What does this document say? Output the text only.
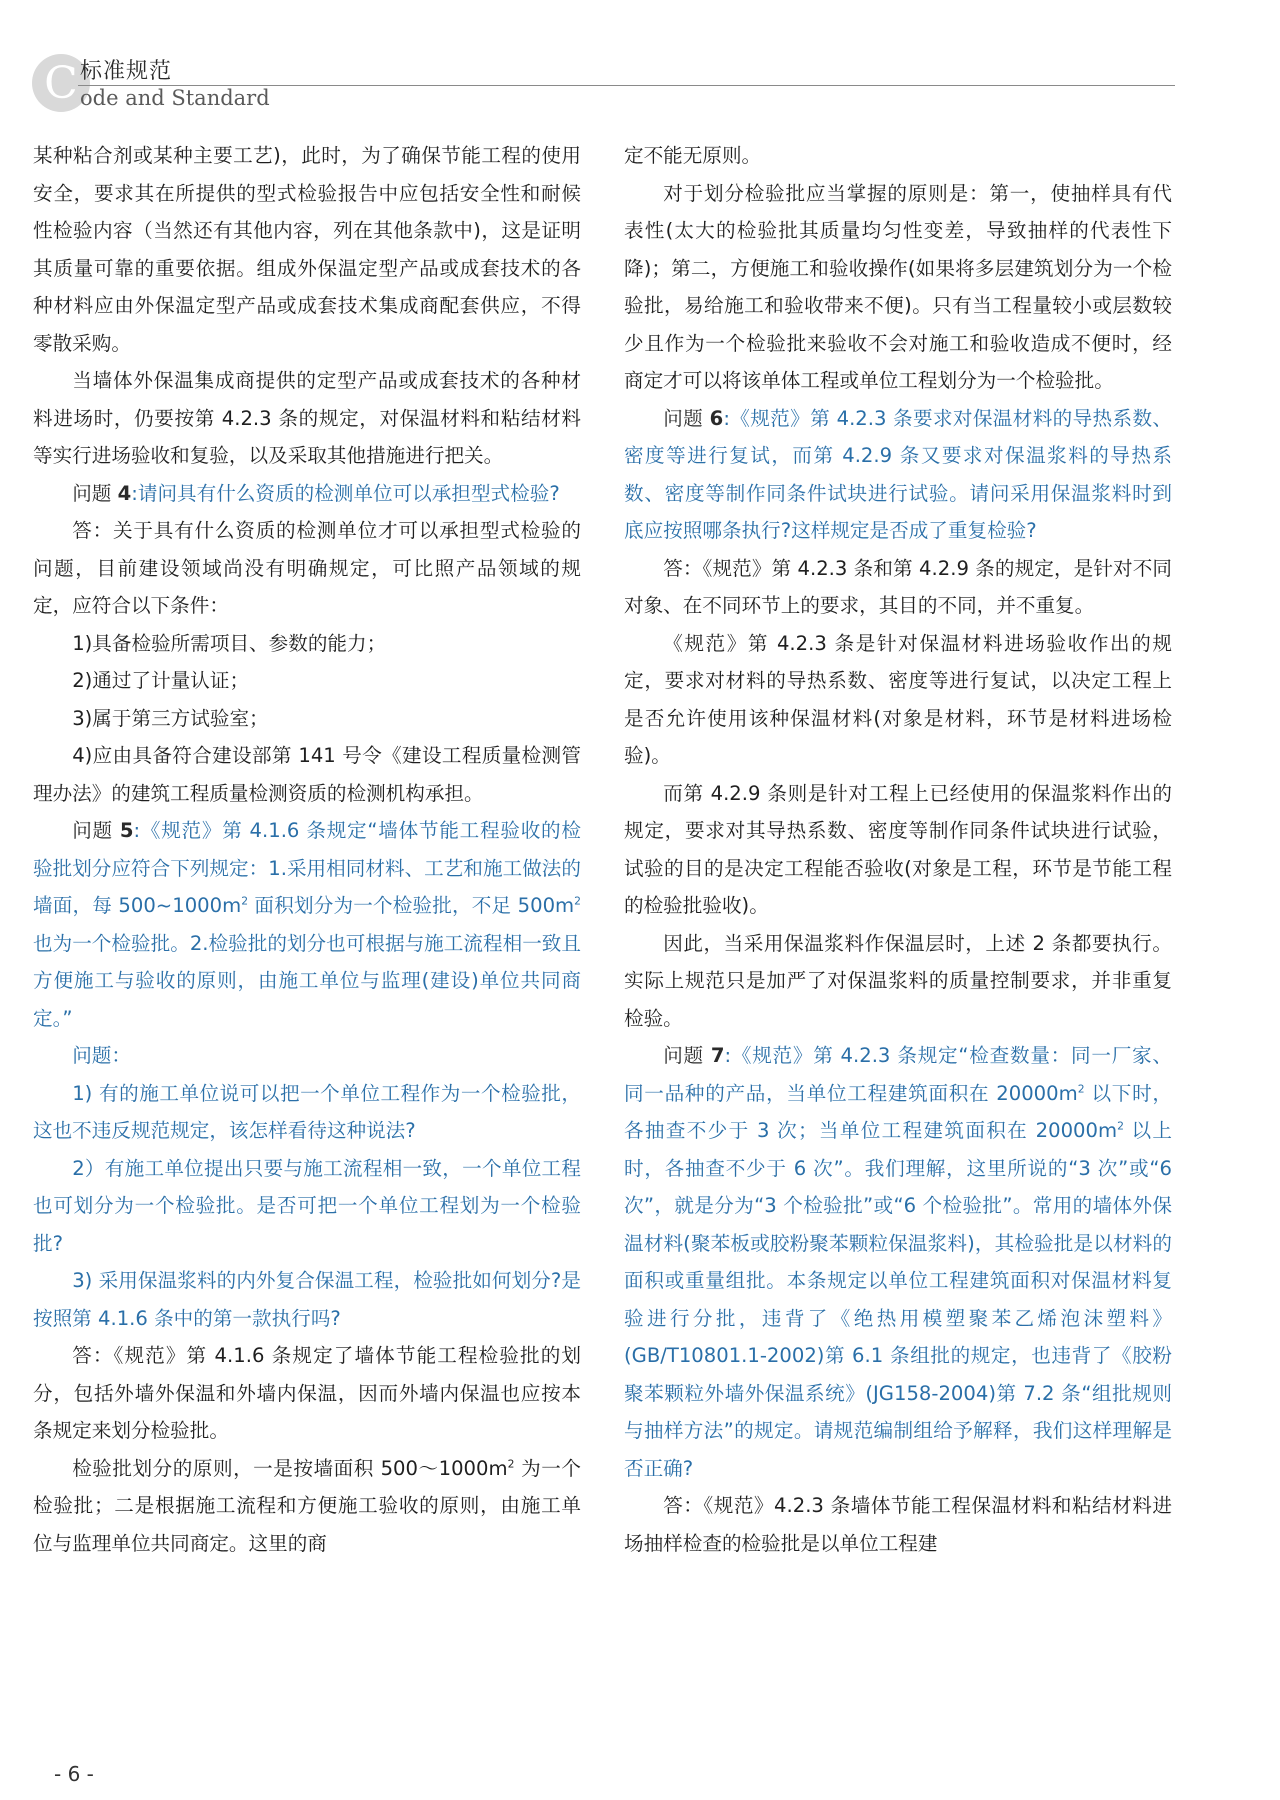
C 标准规范
ode and Standard

某种粘合剂或某种主要工艺)，此时，为了确保节能工程的使用安全，要求其在所提供的型式检验报告中应包括安全性和耐候性检验内容（当然还有其他内容，列在其他条款中)，这是证明其质量可靠的重要依据。组成外保温定型产品或成套技术的各种材料应由外保温定型产品或成套技术集成商配套供应，不得零散采购。

当墙体外保温集成商提供的定型产品或成套技术的各种材料进场时，仍要按第 4.2.3 条的规定，对保温材料和粘结材料等实行进场验收和复验，以及采取其他措施进行把关。

问题 4:请问具有什么资质的检测单位可以承担型式检验?

答：关于具有什么资质的检测单位才可以承担型式检验的问题，目前建设领域尚没有明确规定，可比照产品领域的规定，应符合以下条件：

1)具备检验所需项目、参数的能力；

2)通过了计量认证；

3)属于第三方试验室；

4)应由具备符合建设部第 141 号令《建设工程质量检测管理办法》的建筑工程质量检测资质的检测机构承担。

问题 5:《规范》第 4.1.6 条规定“墙体节能工程验收的检验批划分应符合下列规定：1.采用相同材料、工艺和施工做法的墙面，每 $500\sim 1000m^2$ 面积划分为一个检验批，不足 $500m^2$ 也为一个检验批。2.检验批的划分也可根据与施工流程相一致且方便施工与验收的原则，由施工单位与监理(建设)单位共同商定。”

问题：

1) 有的施工单位说可以把一个单位工程作为一个检验批，这也不违反规范规定，该怎样看待这种说法?

2）有施工单位提出只要与施工流程相一致，一个单位工程也可划分为一个检验批。是否可把一个单位工程划为一个检验批?

3) 采用保温浆料的内外复合保温工程，检验批如何划分?是按照第 4.1.6 条中的第一款执行吗?

答：《规范》第 4.1.6 条规定了墙体节能工程检验批的划分，包括外墙外保温和外墙内保温，因而外墙内保温也应按本条规定来划分检验批。

检验批划分的原则，一是按墙面积 $500\sim 1000m^2$ 为一个检验批；二是根据施工流程和方便施工验收的原则，由施工单位与监理单位共同商定。这里的商

定不能无原则。

对于划分检验批应当掌握的原则是：第一，使抽样具有代表性(太大的检验批其质量均匀性变差，导致抽样的代表性下降)；第二，方便施工和验收操作(如果将多层建筑划分为一个检验批，易给施工和验收带来不便)。只有当工程量较小或层数较少且作为一个检验批来验收不会对施工和验收造成不便时，经商定才可以将该单体工程或单位工程划分为一个检验批。

问题 6:《规范》第 4.2.3 条要求对保温材料的导热系数、密度等进行复试，而第 4.2.9 条又要求对保温浆料的导热系数、密度等制作同条件试块进行试验。请问采用保温浆料时到底应按照哪条执行?这样规定是否成了重复检验?

答：《规范》第 4.2.3 条和第 4.2.9 条的规定，是针对不同对象、在不同环节上的要求，其目的不同，并不重复。

《规范》第 4.2.3 条是针对保温材料进场验收作出的规定，要求对材料的导热系数、密度等进行复试，以决定工程上是否允许使用该种保温材料(对象是材料，环节是材料进场检验)。

而第 4.2.9 条则是针对工程上已经使用的保温浆料作出的规定，要求对其导热系数、密度等制作同条件试块进行试验，试验的目的是决定工程能否验收(对象是工程，环节是节能工程的检验批验收)。

因此，当采用保温浆料作保温层时，上述 2 条都要执行。实际上规范只是加严了对保温浆料的质量控制要求，并非重复检验。

问题 7:《规范》第 4.2.3 条规定“检查数量：同一厂家、同一品种的产品，当单位工程建筑面积在 $20000m^2$ 以下时，各抽查不少于 3 次；当单位工程建筑面积在 $20000m^2$ 以上时，各抽查不少于 6 次”。我们理解，这里所说的“3 次”或“6 次”，就是分为“3 个检验批”或“6 个检验批”。常用的墙体外保温材料(聚苯板或胶粉聚苯颗粒保温浆料)，其检验批是以材料的面积或重量组批。本条规定以单位工程建筑面积对保温材料复验进行分批，违背了《绝热用模塑聚苯乙烯泡沫塑料》(GB/T10801.1-2002)第 6.1 条组批的规定，也违背了《胶粉聚苯颗粒外墙外保温系统》(JG158-2004)第 7.2 条“组批规则与抽样方法”的规定。请规范编制组给予解释，我们这样理解是否正确?

答：《规范》4.2.3 条墙体节能工程保温材料和粘结材料进场抽样检查的检验批是以单位工程建

- 6 -
